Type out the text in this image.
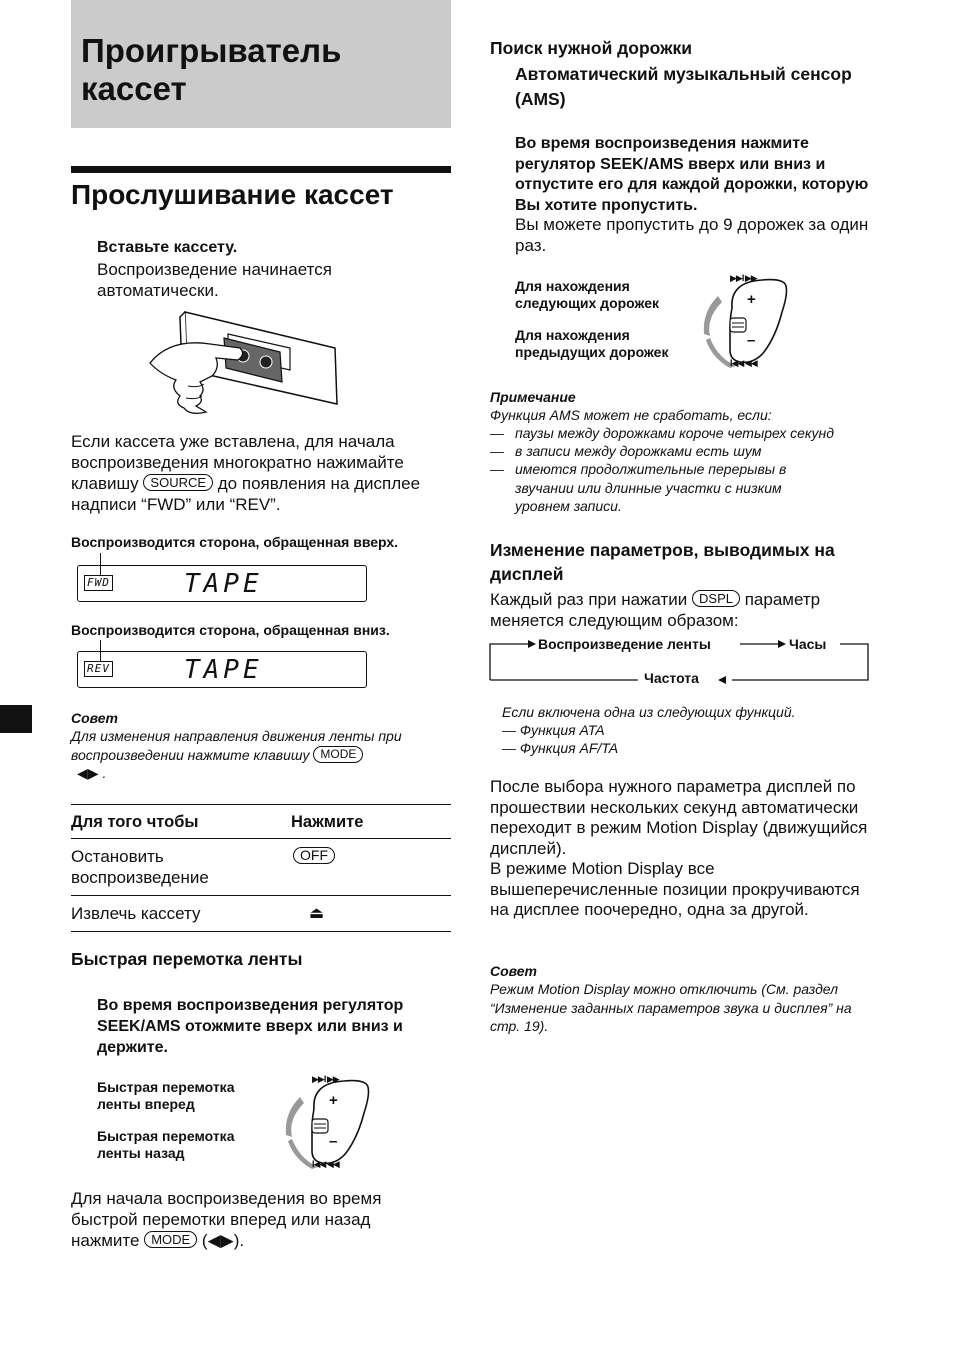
Проигрыватель кассет
Прослушивание кассет
Вставьте кассету.
Воспроизведение начинается автоматически.
Если кассета уже вставлена, для начала воспроизведения многократно нажимайте клавишу SOURCE до появления на дисплее надписи “FWD” или “REV”.
Воспроизводится сторона, обращенная вверх.
FWD	TAPE
Воспроизводится сторона, обращенная вниз.
REV	TAPE
Совет
Для изменения направления движения ленты при воспроизведении нажмите клавишу MODE
◀▶ .
Для того чтобы	Нажмите
Остановить воспроизведение	OFF
Извлечь кассету	⏏
Быстрая перемотка ленты
Во время воспроизведения регулятор SEEK/AMS отожмите вверх или вниз и держите.
Быстрая перемотка ленты вперед
Быстрая перемотка ленты назад
▶▶I ▶▶
+
–
I◀◀ ◀◀
Для начала воспроизведения во время быстрой перемотки вперед или назад нажмите MODE (◀▶).
Поиск нужной дорожки
Автоматический музыкальный сенсор (AMS)
Во время воспроизведения нажмите регулятор SEEK/AMS вверх или вниз и отпустите его для каждой дорожки, которую Вы хотите пропустить.
Вы можете пропустить до 9 дорожек за один раз.
Для нахождения следующих дорожек
Для нахождения предыдущих дорожек
▶▶I ▶▶
+
–
I◀◀ ◀◀
Примечание
Функция AMS может не сработать, если:
— паузы между дорожками короче четырех секунд
— в записи между дорожками есть шум
— имеются продолжительные перерывы в звучании или длинные участки с низким уровнем записи.
Изменение параметров, выводимых на дисплей
Каждый раз при нажатии DSPL параметр меняется следующим образом:
Воспроизведение ленты	Часы
Частота
Если включена одна из следующих функций.
— Функция ATA
— Функция AF/TA
После выбора нужного параметра дисплей по прошествии нескольких секунд автоматически переходит в режим Motion Display (движущийся дисплей).
В режиме Motion Display все вышеперечисленные позиции прокручиваются на дисплее поочередно, одна за другой.
Совет
Режим Motion Display можно отключить (См. раздел “Изменение заданных параметров звука и дисплея” на стр. 19).
